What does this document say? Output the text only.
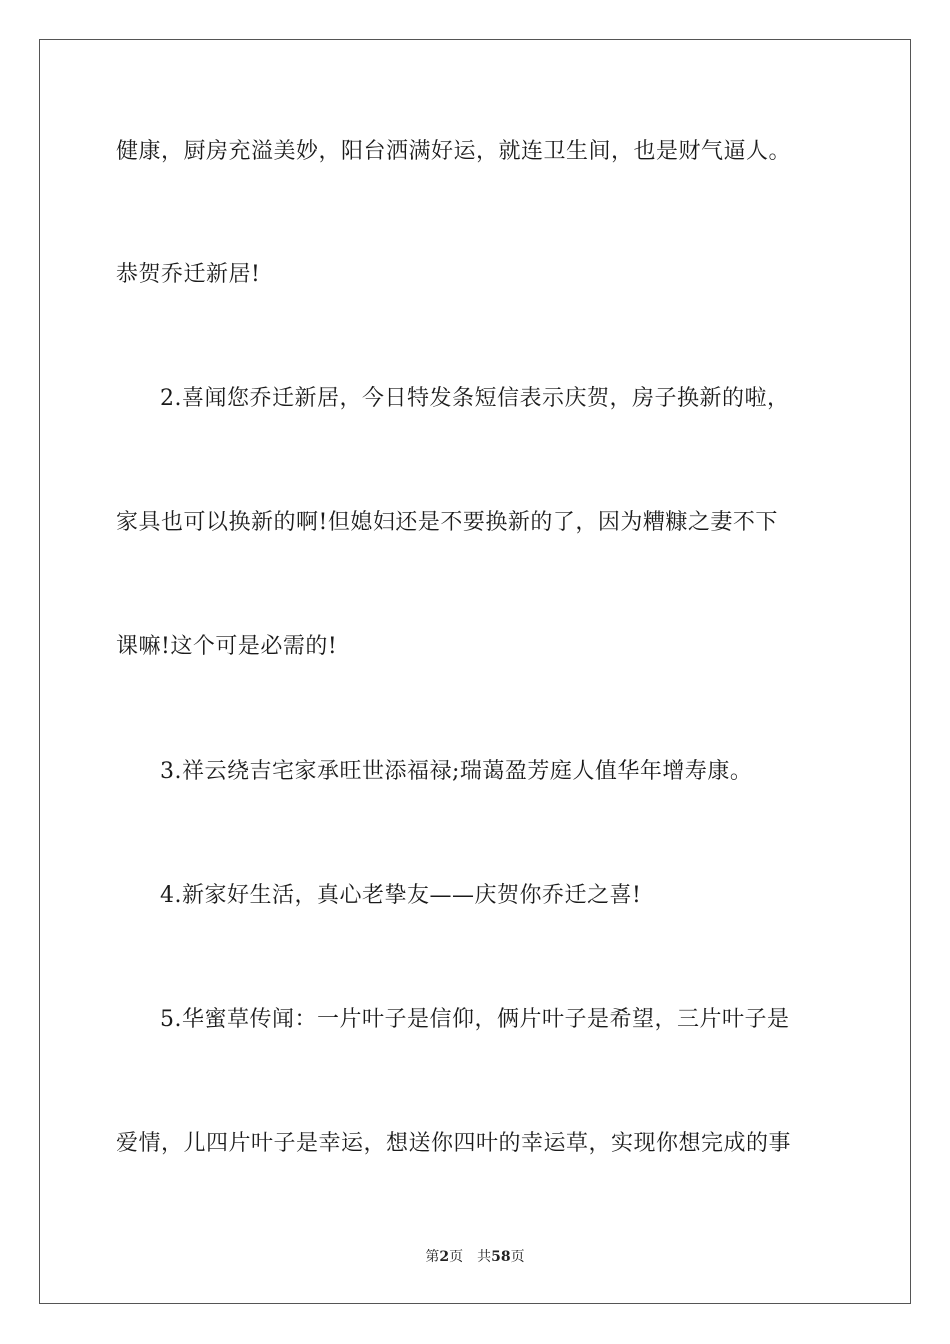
健康，厨房充溢美妙，阳台洒满好运，就连卫生间，也是财气逼人。
恭贺乔迁新居!
2.喜闻您乔迁新居，今日特发条短信表示庆贺，房子换新的啦，
家具也可以换新的啊!但媳妇还是不要换新的了，因为糟糠之妻不下
课嘛!这个可是必需的!
3.祥云绕吉宅家承旺世添福禄;瑞蔼盈芳庭人值华年增寿康。
4.新家好生活，真心老挚友——庆贺你乔迁之喜!
5.华蜜草传闻：一片叶子是信仰，俩片叶子是希望，三片叶子是
爱情，儿四片叶子是幸运，想送你四叶的幸运草，实现你想完成的事
第2页 共58页
